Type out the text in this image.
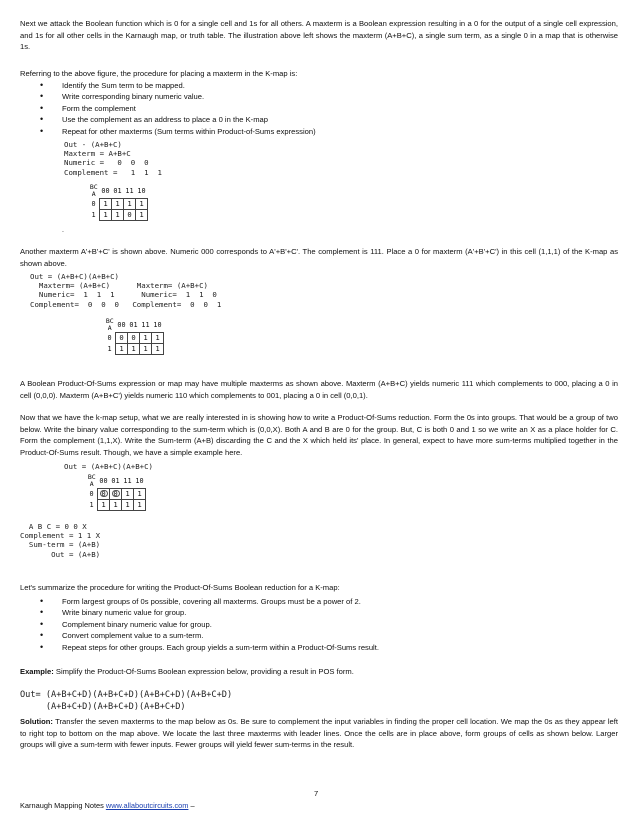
Next we attack the Boolean function which is 0 for a single cell and 1s for all others. A maxterm is a Boolean expression resulting in a 0 for the output of a single cell expression, and 1s for all other cells in the Karnaugh map, or truth table. The illustration above left shows the maxterm (A+B+C), a single sum term, as a single 0 in a map that is otherwise 1s.

Referring to the above figure, the procedure for placing a maxterm in the K-map is:

• Identify the Sum term to be mapped.
• Write corresponding binary numeric value.
• Form the complement
• Use the complement as an address to place a 0 in the K-map
• Repeat for other maxterms (Sum terms within Product-of-Sums expression)
Out - (A+B+C)
Maxterm = A+B+C
Numeric =   0  0  0
Complement =   1  1  1
BC
A	00	01	11	10
0	1	1	1	1
1	1	1	0	1
.

Another maxterm A'+B'+C' is shown above. Numeric 000 corresponds to A'+B'+C'. The complement is 111. Place a 0 for maxterm (A'+B'+C') in this cell (1,1,1) of the K-map as shown above.

Out = (A+B+C)(A+B+C)
Maxterm= (A+B+C)      Maxterm= (A+B+C)
Numeric=  1  1  1      Numeric=  1  1  0
Complement=  0  0  0   Complement=  0  0  1
BC
A	00	01	11	10
0	0	0	1	1
1	1	1	1	1

A Boolean Product-Of-Sums expression or map may have multiple maxterms as shown above. Maxterm (A+B+C) yields numeric 111 which complements to 000, placing a 0 in cell (0,0,0). Maxterm (A+B+C') yields numeric 110 which complements to 001, placing a 0 in cell (0,0,1).

Now that we have the k-map setup, what we are really interested in is showing how to write a Product-Of-Sums reduction. Form the 0s into groups. That would be a group of two below. Write the binary value corresponding to the sum-term which is (0,0,X). Both A and B are 0 for the group. But, C is both 0 and 1 so we write an X as a place holder for C. Form the complement (1,1,X). Write the Sum-term (A+B) discarding the C and the X which held its' place. In general, expect to have more sum-terms multiplied together in the Product-Of-Sums result. Though, we have a simple example here.

Out = (A+B+C)(A+B+C)
BC
A	00	01	11	10
0	0	0	1	1
1	1	1	1	1
A B C = 0 0 X
Complement = 1 1 X
Sum-term = (A+B)
Out = (A+B)

Let's summarize the procedure for writing the Product-Of-Sums Boolean reduction for a K-map:

• Form largest groups of 0s possible, covering all maxterms. Groups must be a power of 2.
• Write binary numeric value for group.
• Complement binary numeric value for group.
• Convert complement value to a sum-term.
• Repeat steps for other groups. Each group yields a sum-term within a Product-Of-Sums result.

Example: Simplify the Product-Of-Sums Boolean expression below, providing a result in POS form.

Out= (A+B+C+D)(A+B+C+D)(A+B+C+D)(A+B+C+D)
(A+B+C+D)(A+B+C+D)(A+B+C+D)

Solution: Transfer the seven maxterms to the map below as 0s. Be sure to complement the input variables in finding the proper cell location. We map the 0s as they appear left to right top to bottom on the map above. We locate the last three maxterms with leader lines. Once the cells are in place above, form groups of cells as shown below. Larger groups will give a sum-term with fewer inputs. Fewer groups will yield fewer sum-terms in the result.

7
Karnaugh Mapping Notes www.allaboutcircuits.com –
